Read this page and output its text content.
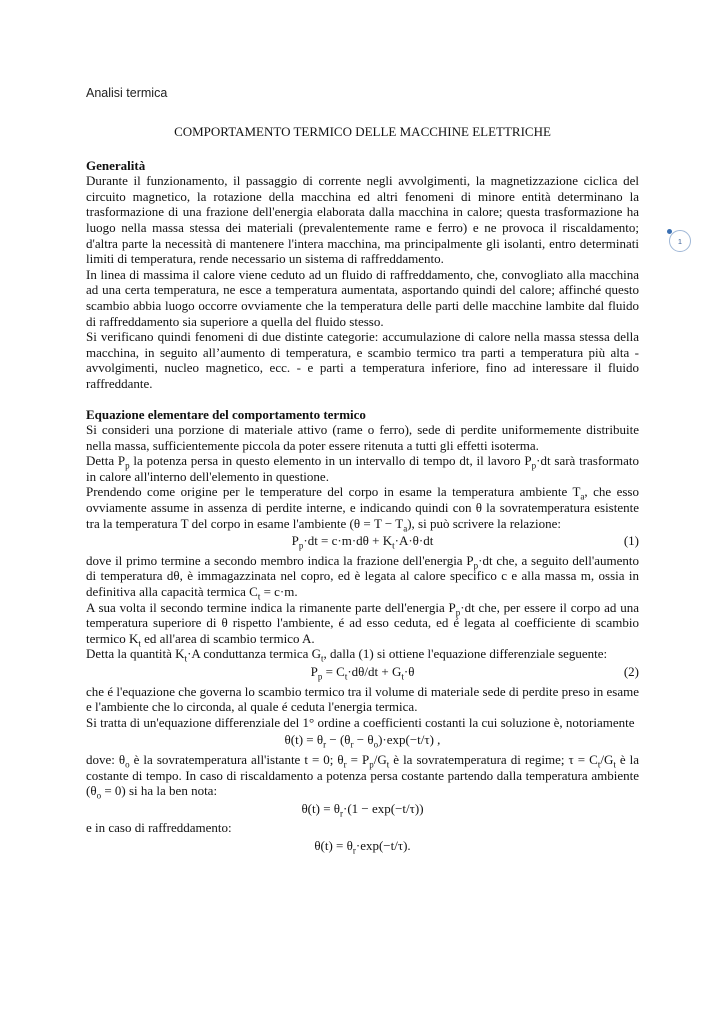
Analisi termica
1
COMPORTAMENTO TERMICO DELLE MACCHINE ELETTRICHE
Generalità

Durante il funzionamento, il passaggio di corrente negli avvolgimenti, la magnetizzazione ciclica del circuito magnetico, la rotazione della macchina ed altri fenomeni di minore entità determinano la trasformazione di una frazione dell'energia elaborata dalla macchina in calore; questa trasformazione ha luogo nella massa stessa dei materiali (prevalentemente rame e ferro) e ne provoca il riscaldamento; d'altra parte la necessità di mantenere l'intera macchina, ma principalmente gli isolanti, entro determinati limiti di temperatura, rende necessario un sistema di raffreddamento.

In linea di massima il calore viene ceduto ad un fluido di raffreddamento, che, convogliato alla macchina ad una certa temperatura, ne esce a temperatura aumentata, asportando quindi del calore; affinché questo scambio abbia luogo occorre ovviamente che la temperatura delle parti delle macchine lambite dal fluido di raffreddamento sia superiore a quella del fluido stesso.

Si verificano quindi fenomeni di due distinte categorie: accumulazione di calore nella massa stessa della macchina, in seguito all’aumento di temperatura, e scambio termico tra parti a temperatura più alta - avvolgimenti, nucleo magnetico, ecc. - e parti a temperatura inferiore, fino ad interessare il fluido raffreddante.

Equazione elementare del comportamento termico

Si consideri una porzione di materiale attivo (rame o ferro), sede di perdite uniformemente distribuite nella massa, sufficientemente piccola da poter essere ritenuta a tutti gli effetti isoterma.

Detta $P_p$ la potenza persa in questo elemento in un intervallo di tempo dt, il lavoro $P_p\cdot dt$ sarà trasformato in calore all'interno dell'elemento in questione.

Prendendo come origine per le temperature del corpo in esame la temperatura ambiente $T_a$, che esso ovviamente assume in assenza di perdite interne, e indicando quindi con θ la sovratemperatura esistente tra la temperatura T del corpo in esame l'ambiente $(\theta = T - T_a)$, si può scrivere la relazione:

$P_p\cdot dt = c\cdot m\cdot d\theta + K_t\cdot A\cdot\theta\cdot dt$	(1)

dove il primo termine a secondo membro indica la frazione dell'energia $P_p\cdot dt$ che, a seguito dell'aumento di temperatura dθ, è immagazzinata nel copro, ed è legata al calore specifico c e alla massa m, ossia in definitiva alla capacità termica $C_t = c\cdot m$.

A sua volta il secondo termine indica la rimanente parte dell'energia $P_p\cdot dt$ che, per essere il corpo ad una temperatura superiore di θ rispetto l'ambiente, é ad esso ceduta, ed é legata al coefficiente di scambio termico $K_t$ ed all'area di scambio termico A.

Detta la quantità $K_t\cdot A$ conduttanza termica $G_t$, dalla (1) si ottiene l'equazione differenziale seguente:

$P_p = C_t\cdot d\theta/dt + G_t\cdot\theta$	(2)

che é l'equazione che governa lo scambio termico tra il volume di materiale sede di perdite preso in esame e l'ambiente che lo circonda, al quale é ceduta l'energia termica.

Si tratta di un'equazione differenziale del 1° ordine a coefficienti costanti la cui soluzione è, notoriamente

$\theta(t) = \theta_r - (\theta_r - \theta_o)\cdot\exp(-t/\tau)$ ,

dove: $\theta_o$ è la sovratemperatura all'istante t = 0; $\theta_r = P_p/G_t$ è la sovratemperatura di regime; $\tau = C_t/G_t$ è la costante di tempo. In caso di riscaldamento a potenza persa costante partendo dalla temperatura ambiente $(\theta_o = 0)$ si ha la ben nota:

$\theta(t) = \theta_r\cdot(1 - \exp(-t/\tau))$

e in caso di raffreddamento:

$\theta(t) = \theta_r\cdot\exp(-t/\tau)$.
